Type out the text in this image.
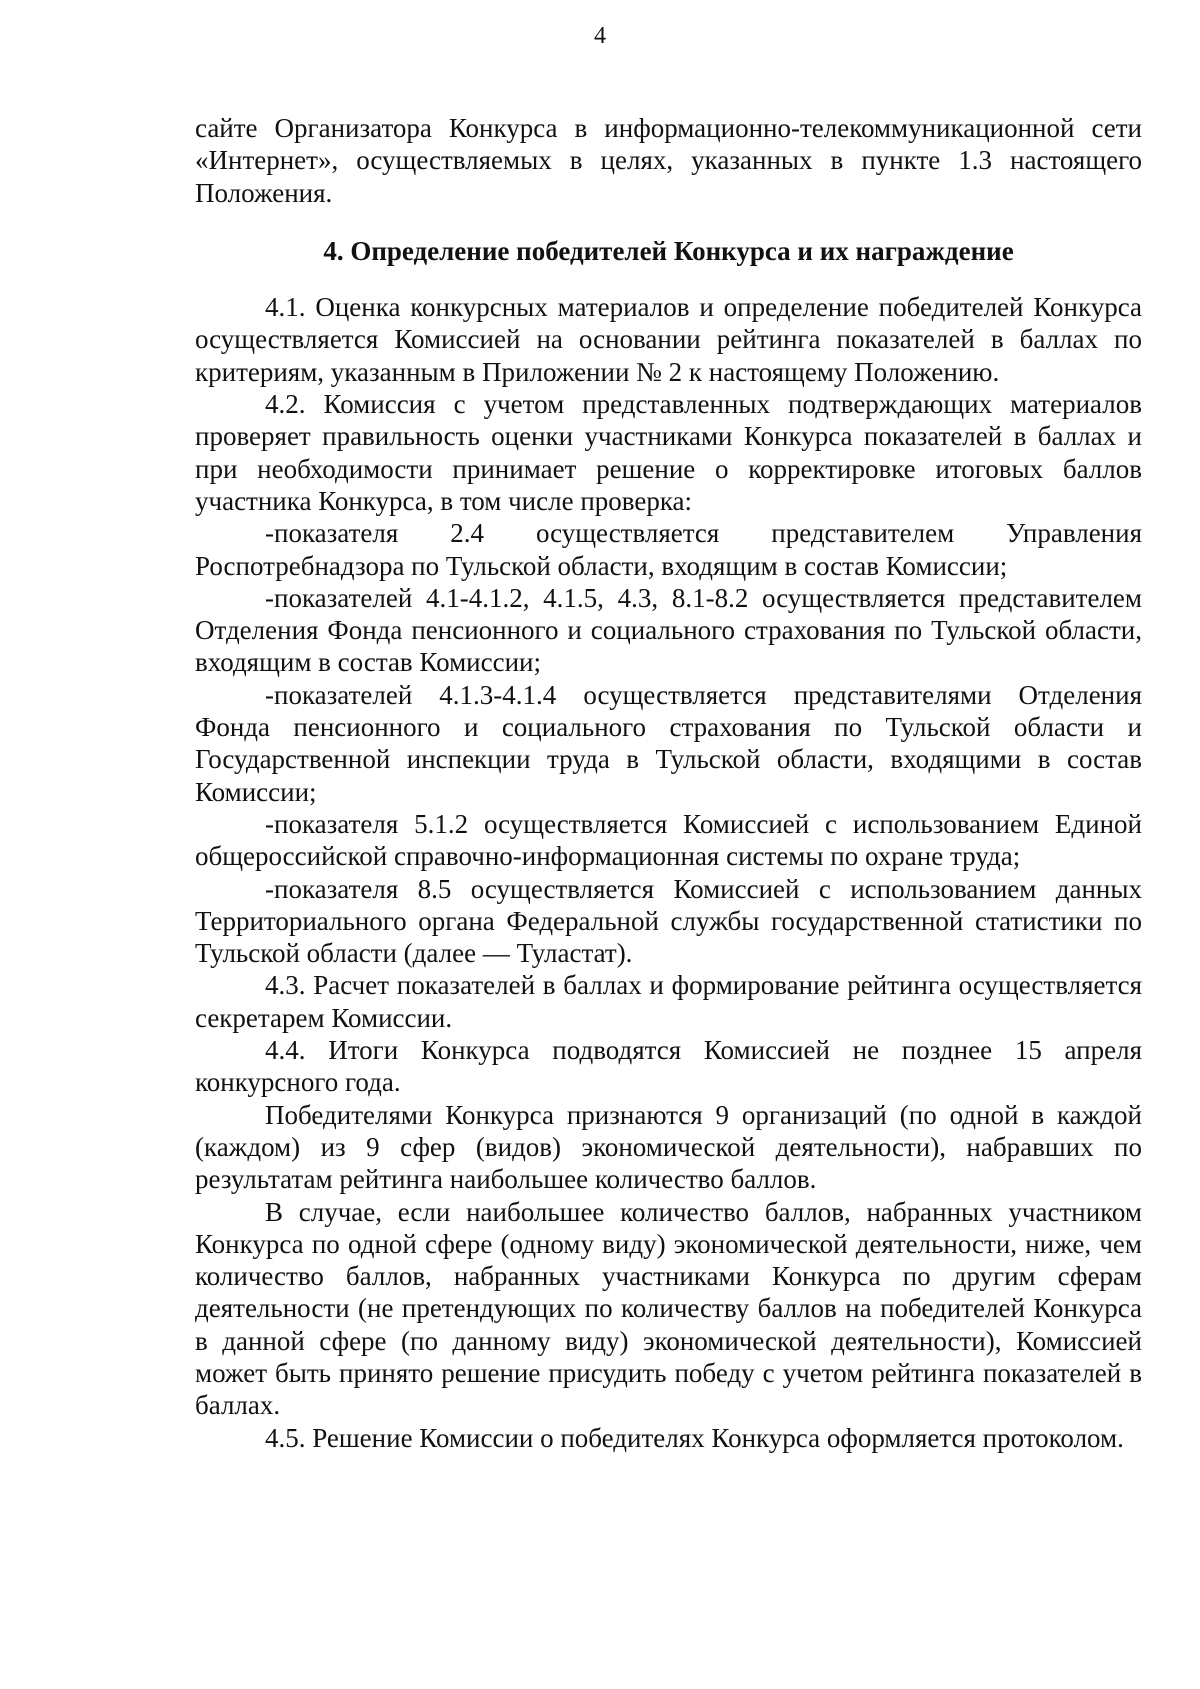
4

сайте Организатора Конкурса в информационно-телекоммуникационной сети «Интернет», осуществляемых в целях, указанных в пункте 1.3 настоящего Положения.

4. Определение победителей Конкурса и их награждение

4.1. Оценка конкурсных материалов и определение победителей Конкурса осуществляется Комиссией на основании рейтинга показателей в баллах по критериям, указанным в Приложении № 2 к настоящему Положению.

4.2. Комиссия с учетом представленных подтверждающих материалов проверяет правильность оценки участниками Конкурса показателей в баллах и при необходимости принимает решение о корректировке итоговых баллов участника Конкурса, в том числе проверка:

-показателя 2.4 осуществляется представителем Управления Роспотребнадзора по Тульской области, входящим в состав Комиссии;

-показателей 4.1-4.1.2, 4.1.5, 4.3, 8.1-8.2 осуществляется представителем Отделения Фонда пенсионного и социального страхования по Тульской области, входящим в состав Комиссии;

-показателей 4.1.3-4.1.4 осуществляется представителями Отделения Фонда пенсионного и социального страхования по Тульской области и Государственной инспекции труда в Тульской области, входящими в состав Комиссии;

-показателя 5.1.2 осуществляется Комиссией с использованием Единой общероссийской справочно-информационная системы по охране труда;

-показателя 8.5 осуществляется Комиссией с использованием данных Территориального органа Федеральной службы государственной статистики по Тульской области (далее — Туластат).

4.3. Расчет показателей в баллах и формирование рейтинга осуществляется секретарем Комиссии.

4.4. Итоги Конкурса подводятся Комиссией не позднее 15 апреля конкурсного года.

Победителями Конкурса признаются 9 организаций (по одной в каждой (каждом) из 9 сфер (видов) экономической деятельности), набравших по результатам рейтинга наибольшее количество баллов.

В случае, если наибольшее количество баллов, набранных участником Конкурса по одной сфере (одному виду) экономической деятельности, ниже, чем количество баллов, набранных участниками Конкурса по другим сферам деятельности (не претендующих по количеству баллов на победителей Конкурса в данной сфере (по данному виду) экономической деятельности), Комиссией может быть принято решение присудить победу с учетом рейтинга показателей в баллах.

4.5. Решение Комиссии о победителях Конкурса оформляется протоколом.
